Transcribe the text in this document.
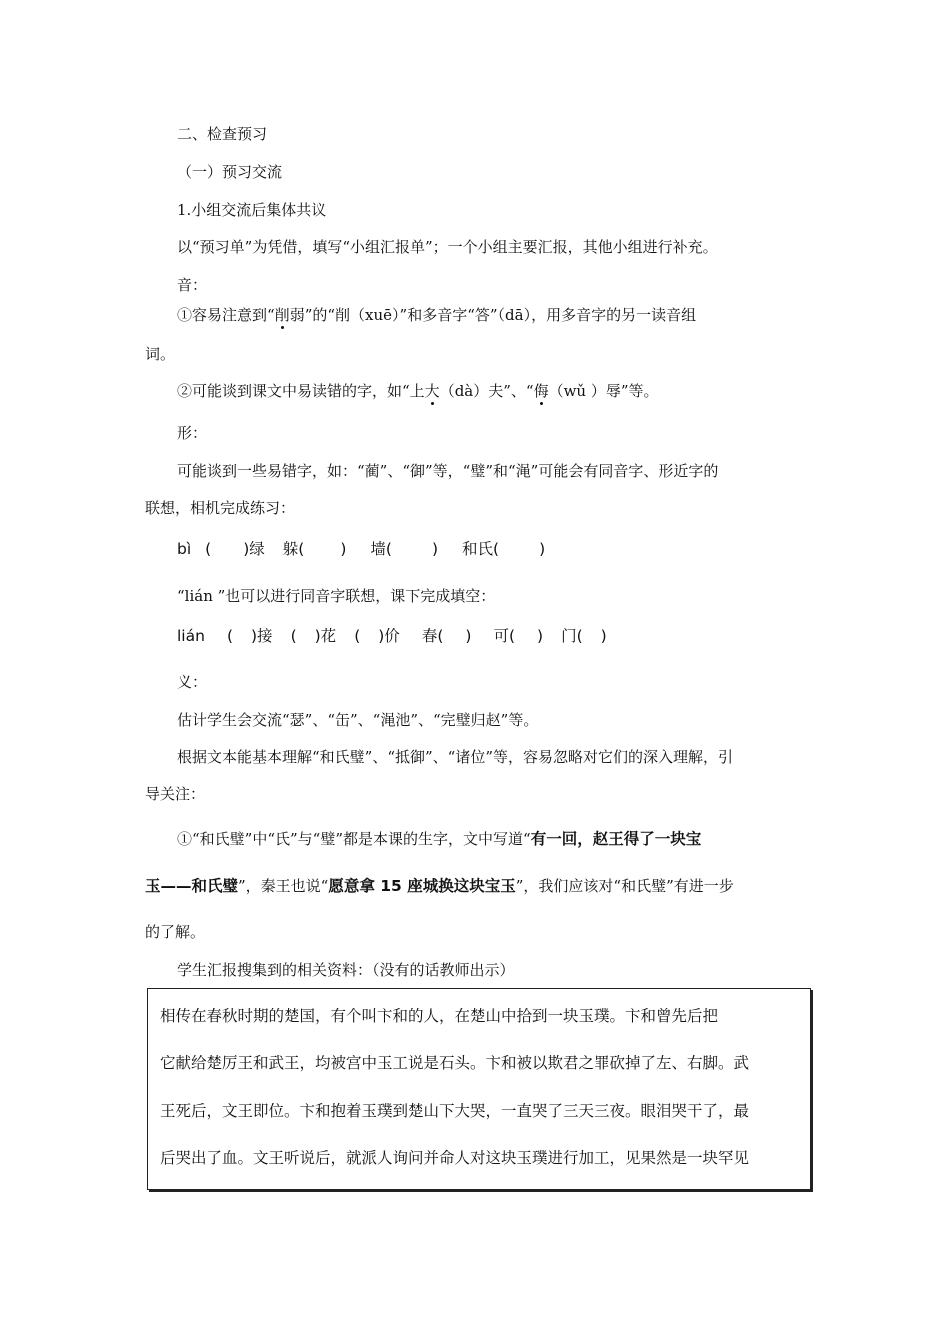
二、检查预习
（一）预习交流
1.小组交流后集体共议
以“预习单”为凭借，填写“小组汇报单”；一个小组主要汇报，其他小组进行补充。
音：
①容易注意到“削弱”的“削（xuē）”和多音字“答”（dā），用多音字的另一读音组
词。
②可能谈到课文中易读错的字，如“上大（dà）夫”、“侮（wǔ ）辱”等。
形：
可能谈到一些易错字，如：“蔺”、“御”等，“璧”和“渑”可能会有同音字、形近字的
联想，相机完成练习：
bì ( )绿 躲( ) 墙(	) 和氏(	)
“lián ”也可以进行同音字联想，课下完成填空：
lián ( )接 ( )花 ( )价 春( ) 可( ) 门( )
义：
估计学生会交流“瑟”、“缶”、“渑池”、“完璧归赵”等。
根据文本能基本理解“和氏璧”、“抵御”、“诸位”等，容易忽略对它们的深入理解，引
导关注：
①“和氏璧”中“氏”与“璧”都是本课的生字，文中写道“有一回，赵王得了一块宝
玉——和氏璧”，秦王也说“愿意拿 15 座城换这块宝玉”，我们应该对“和氏璧”有进一步
的了解。
学生汇报搜集到的相关资料：（没有的话教师出示）
相传在春秋时期的楚国，有个叫卞和的人，在楚山中拾到一块玉璞。卞和曾先后把
它献给楚厉王和武王，均被宫中玉工说是石头。卞和被以欺君之罪砍掉了左、右脚。武
王死后，文王即位。卞和抱着玉璞到楚山下大哭，一直哭了三天三夜。眼泪哭干了，最
后哭出了血。文王听说后，就派人询问并命人对这块玉璞进行加工，见果然是一块罕见
